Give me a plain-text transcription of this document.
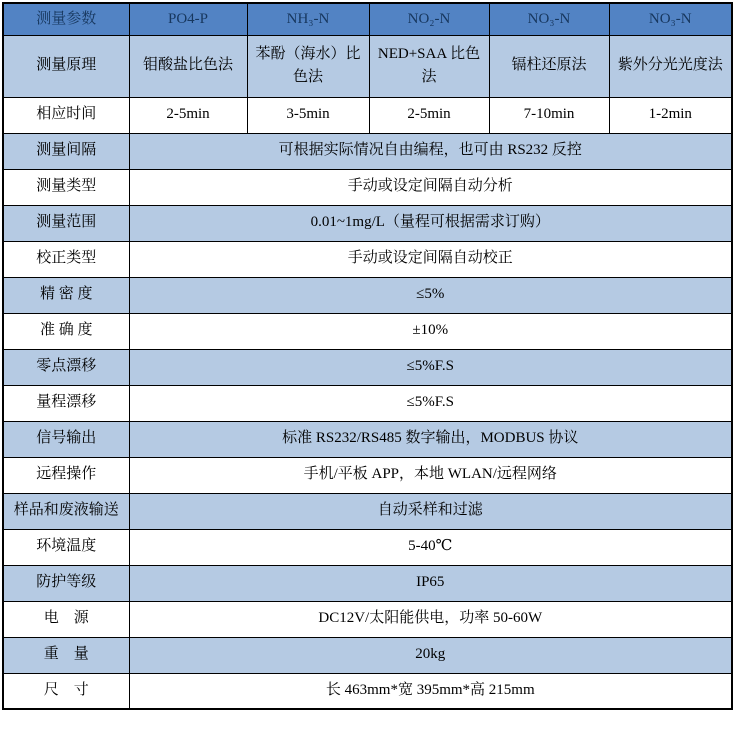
测量参数	PO4-P	NH₃-N	NO₂-N	NO₃-N	NO₃-N
测量原理	钼酸盐比色法	苯酚（海水）比色法	NED+SAA 比色法	镉柱还原法	紫外分光光度法
相应时间	2-5min	3-5min	2-5min	7-10min	1-2min
测量间隔	可根据实际情况自由编程，也可由 RS232 反控				
测量类型	手动或设定间隔自动分析				
测量范围	0.01~1mg/L（量程可根据需求订购）				
校正类型	手动或设定间隔自动校正				
精 密 度	≤5%				
准 确 度	±10%				
零点漂移	≤5%F.S				
量程漂移	≤5%F.S				
信号输出	标准 RS232/RS485 数字输出，MODBUS 协议				
远程操作	手机/平板 APP，本地 WLAN/远程网络				
样品和废液输送	自动采样和过滤				
环境温度	5-40℃				
防护等级	IP65				
电　源	DC12V/太阳能供电，功率 50-60W				
重　量	20kg				
尺　寸	长 463mm*宽 395mm*高 215mm				
